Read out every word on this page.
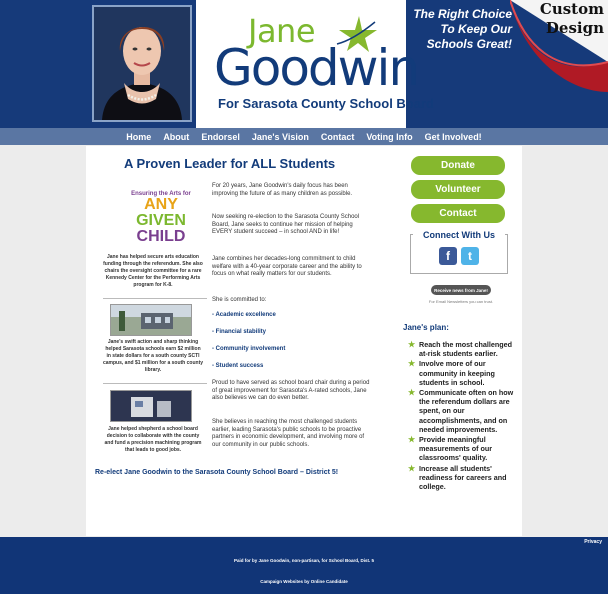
Jane
Goodwin
For Sarasota County School Board
The Right Choice
To Keep Our
Schools Great!
Custom
Design
Home	About	Endorsel	Jane's Vision	Contact	Voting Info	Get Involved!
A Proven Leader for ALL Students
Ensuring the Arts for
ANY
GIVEN
CHILD
Jane has helped secure arts education funding through the referendum. She also chairs the oversight committee for a rare Kennedy Center for the Performing Arts program for K-8.
Jane's swift action and sharp thinking helped Sarasota schools earn $2 million in state dollars for a south county SCTI campus, and $1 million for a south county library.
Jane helped shepherd a school board decision to collaborate with the county and fund a precision machining program that leads to good jobs.
For 20 years, Jane Goodwin's daily focus has been improving the future of as many children as possible.
Now seeking re-election to the Sarasota County School Board, Jane seeks to continue her mission of helping EVERY student succeed – in school AND in life!
Jane combines her decades-long commitment to child welfare with a 40-year corporate career and the ability to focus on what really matters for our students.
She is committed to:
- Academic excellence
- Financial stability
- Community involvement
- Student success
Proud to have served as school board chair during a period of great improvement for Sarasota's A-rated schools, Jane also believes we can do even better.
She believes in reaching the most challenged students earlier, leading Sarasota's public schools to be proactive partners in economic development, and involving more of our community in our public schools.
Re-elect Jane Goodwin to the Sarasota County School Board – District 5!
Donate
Volunteer
Contact
Connect With Us
f	t
Receive news from Jane!
For Email Newsletters you can trust.
Jane's plan:
★ Reach the most challenged at-risk students earlier.
★ Involve more of our community in keeping students in school.
★ Communicate often on how the referendum dollars are spent, on our accomplishments, and on needed improvements.
★ Provide meaningful measurements of our classrooms' quality.
★ Increase all students' readiness for careers and college.
Privacy
Paid for by Jane Goodwin, non-partisan, for School Board, Dist. 5
Campaign Websites by Online Candidate
